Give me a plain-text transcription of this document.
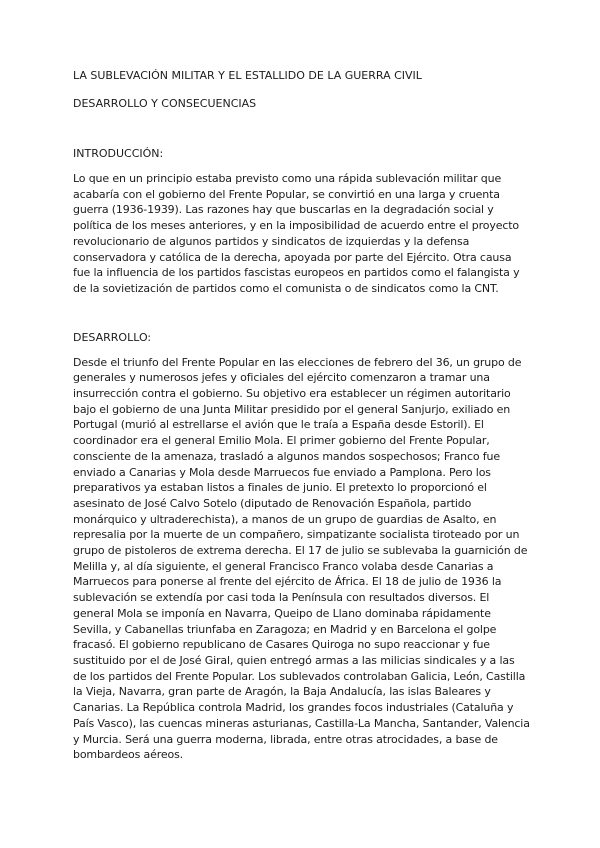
LA SUBLEVACIÓN MILITAR Y EL ESTALLIDO DE LA GUERRA CIVIL

DESARROLLO Y CONSECUENCIAS

INTRODUCCIÓN:

Lo que en un principio estaba previsto como una rápida sublevación militar que acabaría con el gobierno del Frente Popular, se convirtió en una larga y cruenta guerra (1936-1939). Las razones hay que buscarlas en la degradación social y política de los meses anteriores, y en la imposibilidad de acuerdo entre el proyecto revolucionario de algunos partidos y sindicatos de izquierdas y la defensa conservadora y católica de la derecha, apoyada por parte del Ejército. Otra causa fue la influencia de los partidos fascistas europeos en partidos como el falangista y de la sovietización de partidos como el comunista o de sindicatos como la CNT.

DESARROLLO:

Desde el triunfo del Frente Popular en las elecciones de febrero del 36, un grupo de generales y numerosos jefes y oficiales del ejército comenzaron a tramar una insurrección contra el gobierno. Su objetivo era establecer un régimen autoritario bajo el gobierno de una Junta Militar presidido por el general Sanjurjo, exiliado en Portugal (murió al estrellarse el avión que le traía a España desde Estoril). El coordinador era el general Emilio Mola. El primer gobierno del Frente Popular, consciente de la amenaza, trasladó a algunos mandos sospechosos; Franco fue enviado a Canarias y Mola desde Marruecos fue enviado a Pamplona. Pero los preparativos ya estaban listos a finales de junio. El pretexto lo proporcionó el asesinato de José Calvo Sotelo (diputado de Renovación Española, partido monárquico y ultraderechista), a manos de un grupo de guardias de Asalto, en represalia por la muerte de un compañero, simpatizante socialista tiroteado por un grupo de pistoleros de extrema derecha. El 17 de julio se sublevaba la guarnición de Melilla y, al día siguiente, el general Francisco Franco volaba desde Canarias a Marruecos para ponerse al frente del ejército de África. El 18 de julio de 1936 la sublevación se extendía por casi toda la Península con resultados diversos. El general Mola se imponía en Navarra, Queipo de Llano dominaba rápidamente Sevilla, y Cabanellas triunfaba en Zaragoza; en Madrid y en Barcelona el golpe fracasó. El gobierno republicano de Casares Quiroga no supo reaccionar y fue sustituido por el de José Giral, quien entregó armas a las milicias sindicales y a las de los partidos del Frente Popular. Los sublevados controlaban Galicia, León, Castilla la Vieja, Navarra, gran parte de Aragón, la Baja Andalucía, las islas Baleares y Canarias. La República controla Madrid, los grandes focos industriales (Cataluña y País Vasco), las cuencas mineras asturianas, Castilla-La Mancha, Santander, Valencia y Murcia. Será una guerra moderna, librada, entre otras atrocidades, a base de bombardeos aéreos.
